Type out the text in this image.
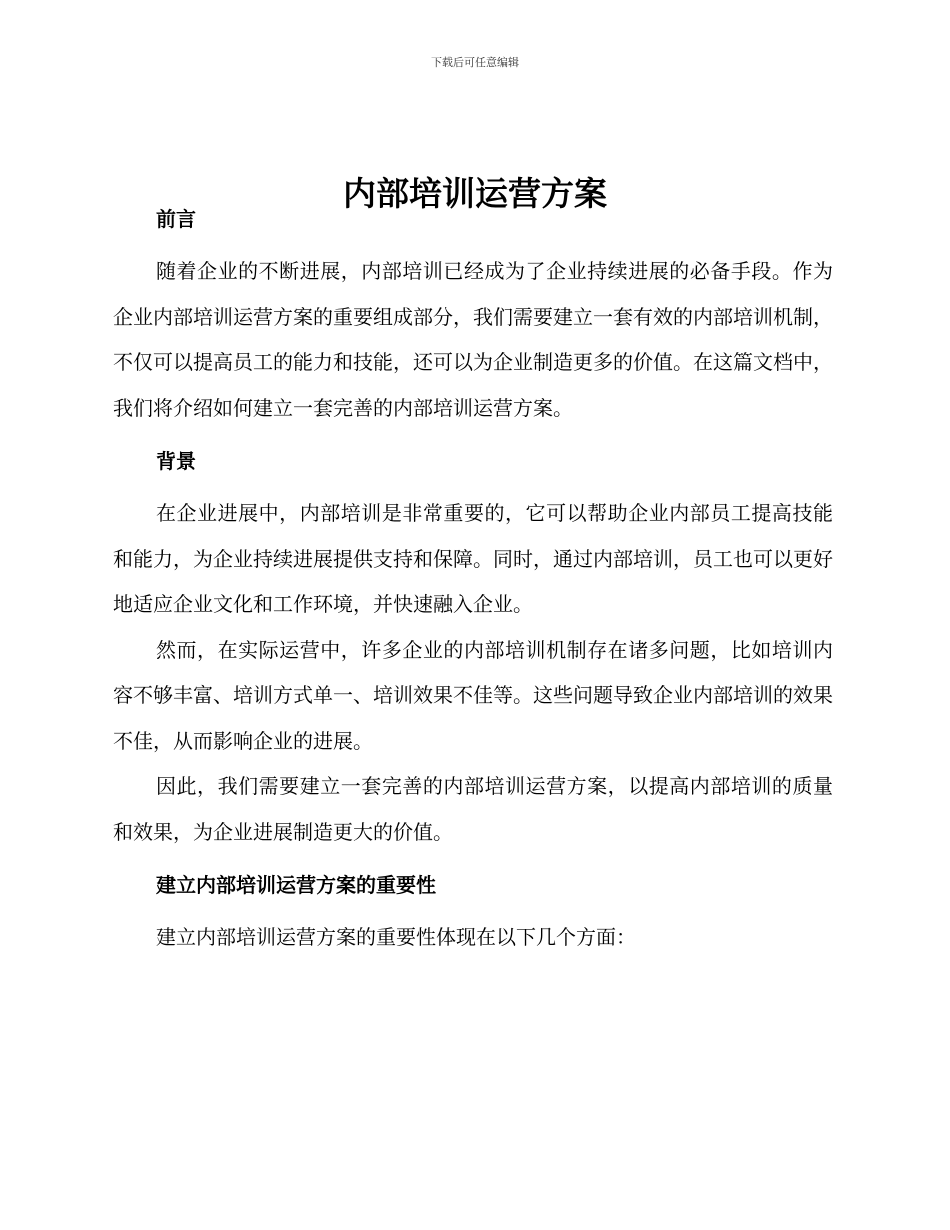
下载后可任意编辑
内部培训运营方案

前言

随着企业的不断进展，内部培训已经成为了企业持续进展的必备手段。作为企业内部培训运营方案的重要组成部分，我们需要建立一套有效的内部培训机制，不仅可以提高员工的能力和技能，还可以为企业制造更多的价值。在这篇文档中，我们将介绍如何建立一套完善的内部培训运营方案。

背景

在企业进展中，内部培训是非常重要的，它可以帮助企业内部员工提高技能和能力，为企业持续进展提供支持和保障。同时，通过内部培训，员工也可以更好地适应企业文化和工作环境，并快速融入企业。

然而，在实际运营中，许多企业的内部培训机制存在诸多问题，比如培训内容不够丰富、培训方式单一、培训效果不佳等。这些问题导致企业内部培训的效果不佳，从而影响企业的进展。

因此，我们需要建立一套完善的内部培训运营方案，以提高内部培训的质量和效果，为企业进展制造更大的价值。

建立内部培训运营方案的重要性

建立内部培训运营方案的重要性体现在以下几个方面：
